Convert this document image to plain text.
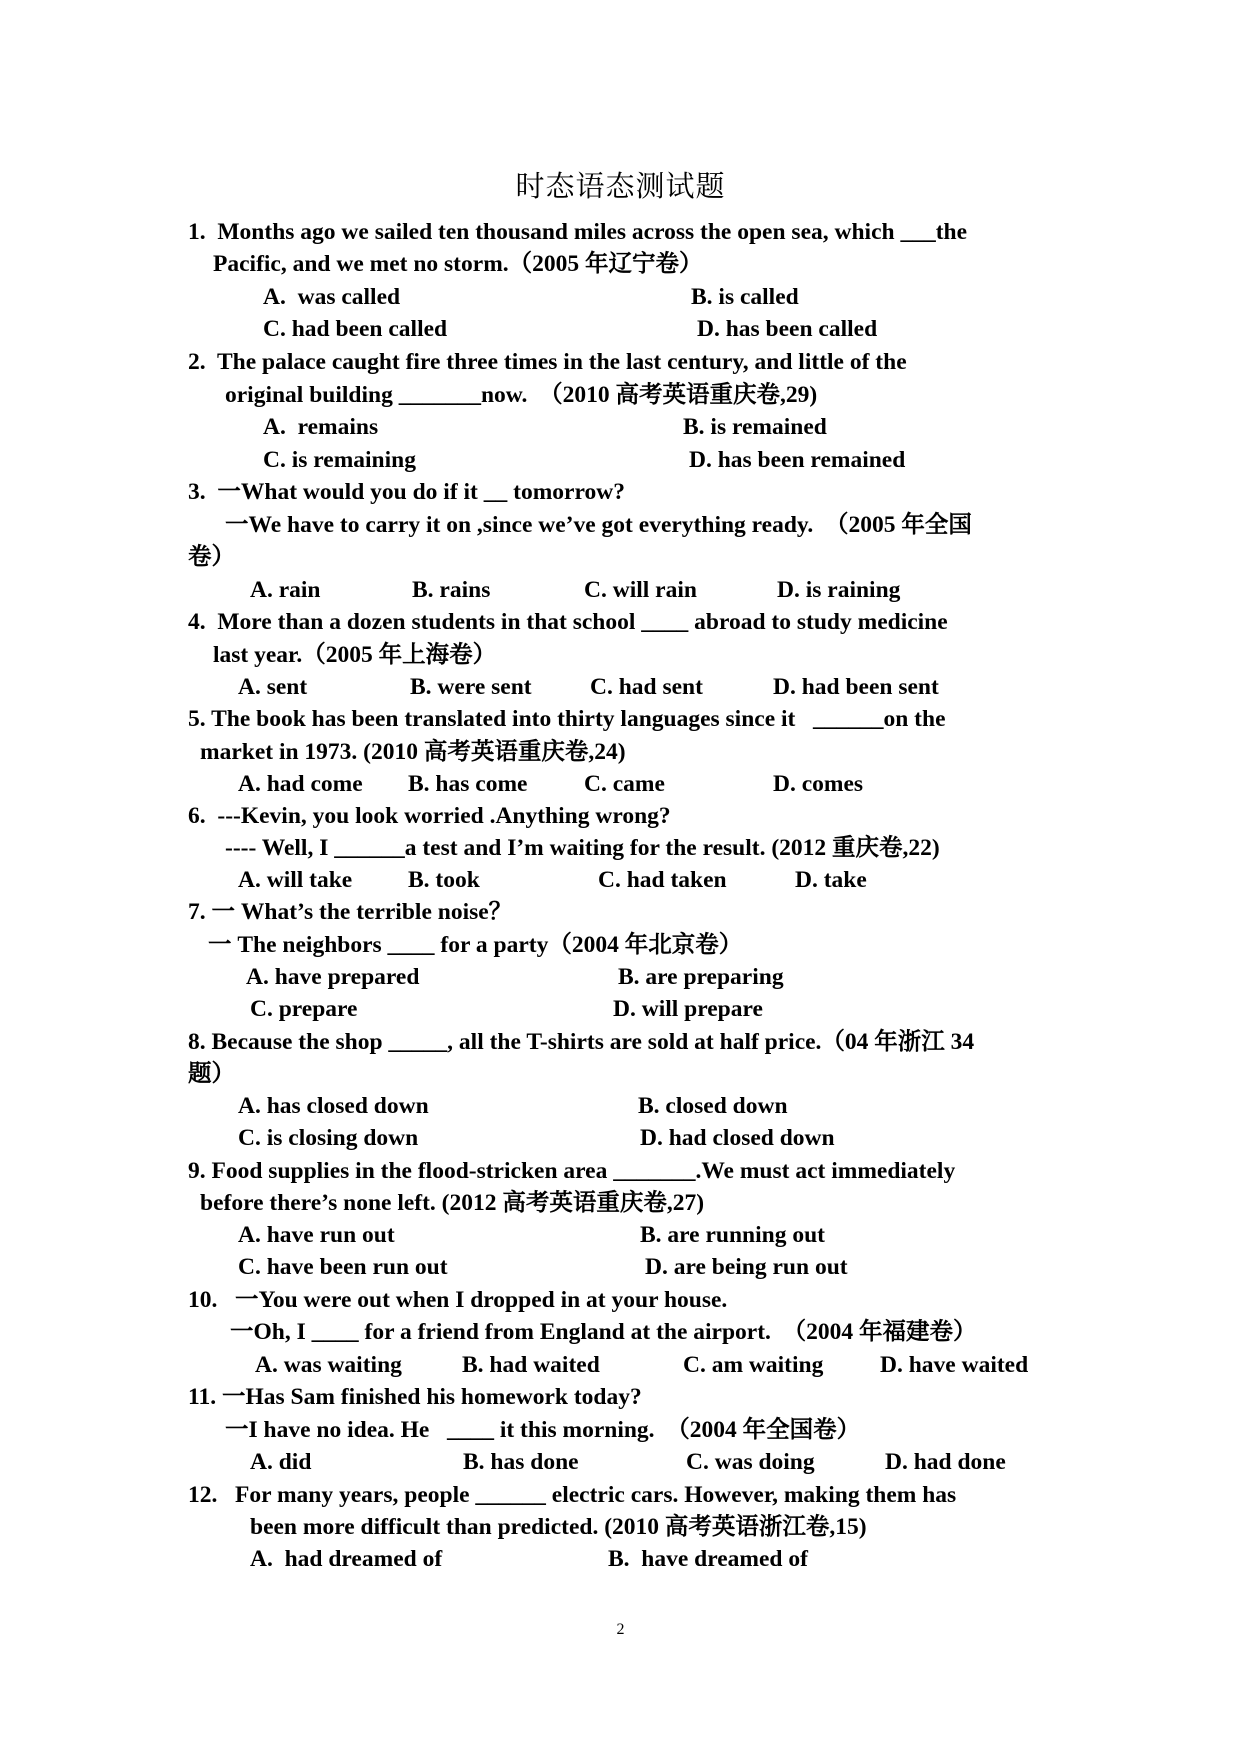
时态语态测试题
1.  Months ago we sailed ten thousand miles across the open sea, which ___the
Pacific, and we met no storm.（2005 年辽宁卷）
A.  was called	B. is called
C. had been called	D. has been called
2.  The palace caught fire three times in the last century, and little of the
original building _______now.  （2010 高考英语重庆卷,29)
A.  remains	B. is remained
C. is remaining	D. has been remained
3.  一What would you do if it __ tomorrow?
一We have to carry it on ,since we’ve got everything ready.  （2005 年全国
卷）
A. rain	B. rains	C. will rain	D. is raining
4.  More than a dozen students in that school ____ abroad to study medicine
last year.（2005 年上海卷）
A. sent	B. were sent C. had sent	D. had been sent
5. The book has been translated into thirty languages since it   ______on the
market in 1973. (2010 高考英语重庆卷,24)
A. had come B. has come C. came	D. comes
6.  ---Kevin, you look worried .Anything wrong?
---- Well, I ______a test and I’m waiting for the result. (2012 重庆卷,22)
A. will take B. took	C. had taken	D. take
7. 一 What’s the terrible noise？
一 The neighbors ____ for a party（2004 年北京卷）
A. have prepared	B. are preparing
C. prepare	D. will prepare
8. Because the shop _____, all the T-shirts are sold at half price.（04 年浙江 34
题）
A. has closed down	B. closed down
C. is closing down	D. had closed down
9. Food supplies in the flood-stricken area _______.We must act immediately
before there’s none left. (2012 高考英语重庆卷,27)
A. have run out	B. are running out
C. have been run out	D. are being run out
10.   一You were out when I dropped in at your house.
一Oh, I ____ for a friend from England at the airport.  （2004 年福建卷）
A. was waiting	B. had waited	C. am waiting D. have waited
11. 一Has Sam finished his homework today?
一I have no idea. He   ____ it this morning.  （2004 年全国卷）
A. did	B. has done	C. was doing	D. had done
12.   For many years, people ______ electric cars. However, making them has
been more difficult than predicted. (2010 高考英语浙江卷,15)
A.  had dreamed of	B.  have dreamed of
2
